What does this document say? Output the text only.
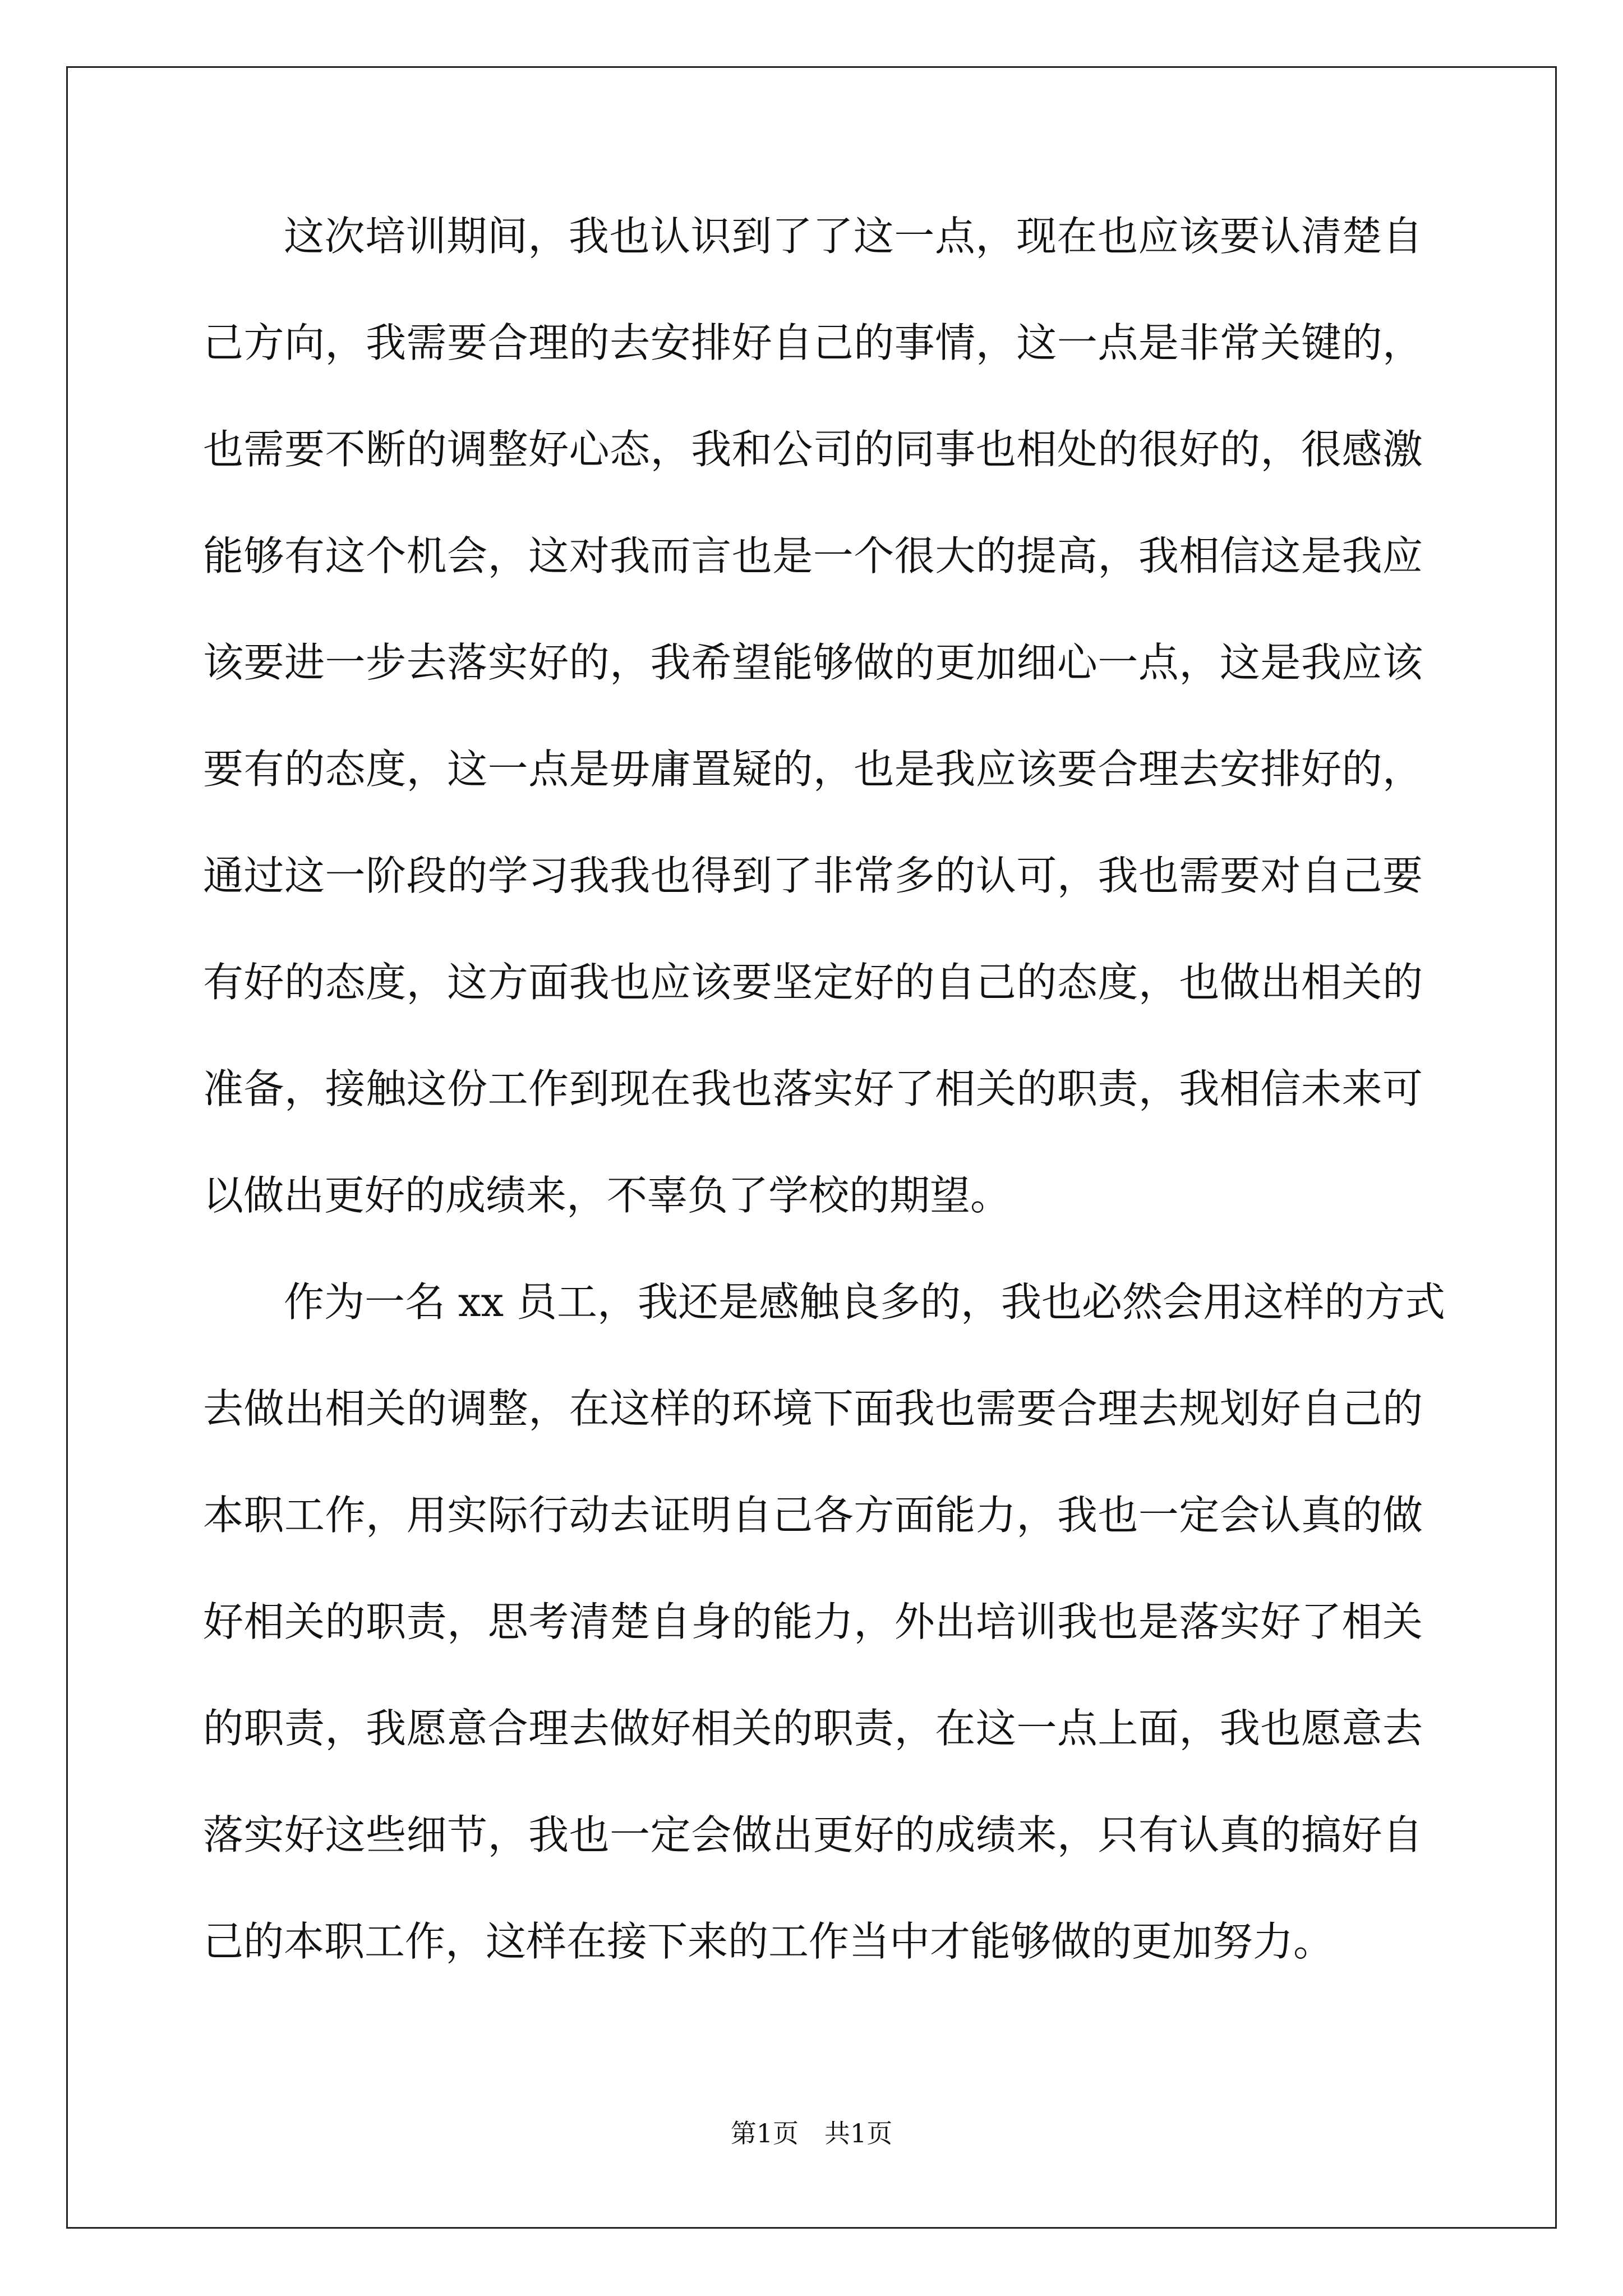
这次培训期间，我也认识到了了这一点，现在也应该要认清楚自
己方向，我需要合理的去安排好自己的事情，这一点是非常关键的，
也需要不断的调整好心态，我和公司的同事也相处的很好的，很感激
能够有这个机会，这对我而言也是一个很大的提高，我相信这是我应
该要进一步去落实好的，我希望能够做的更加细心一点，这是我应该
要有的态度，这一点是毋庸置疑的，也是我应该要合理去安排好的，
通过这一阶段的学习我我也得到了非常多的认可，我也需要对自己要
有好的态度，这方面我也应该要坚定好的自己的态度，也做出相关的
准备，接触这份工作到现在我也落实好了相关的职责，我相信未来可
以做出更好的成绩来，不辜负了学校的期望。
作为一名 xx 员工，我还是感触良多的，我也必然会用这样的方式
去做出相关的调整，在这样的环境下面我也需要合理去规划好自己的
本职工作，用实际行动去证明自己各方面能力，我也一定会认真的做
好相关的职责，思考清楚自身的能力，外出培训我也是落实好了相关
的职责，我愿意合理去做好相关的职责，在这一点上面，我也愿意去
落实好这些细节，我也一定会做出更好的成绩来，只有认真的搞好自
己的本职工作，这样在接下来的工作当中才能够做的更加努力。
第1页　共1页
